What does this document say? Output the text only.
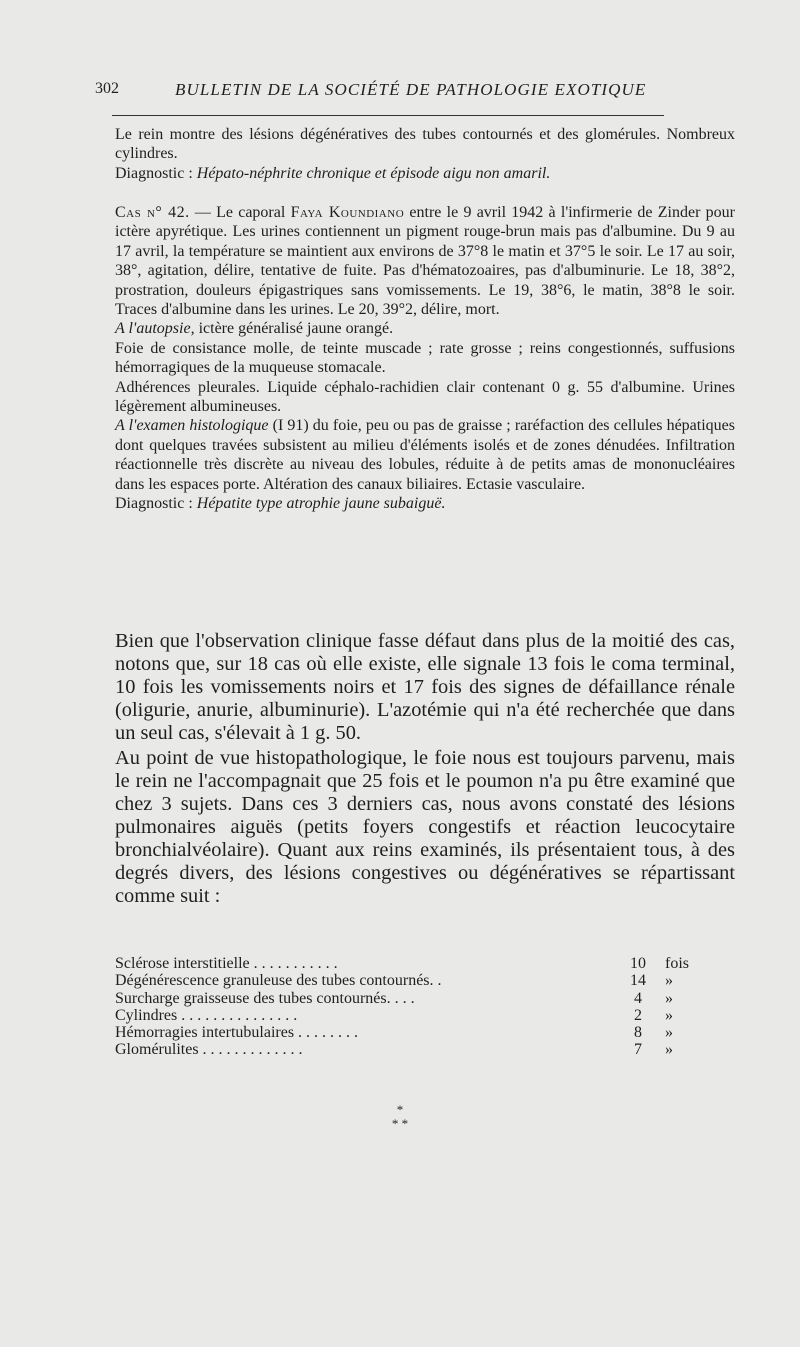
302	BULLETIN DE LA SOCIÉTÉ DE PATHOLOGIE EXOTIQUE

Le rein montre des lésions dégénératives des tubes contournés et des glomérules. Nombreux cylindres.

Diagnostic : Hépato-néphrite chronique et épisode aigu non amaril.

Cas n° 42. — Le caporal Faya Koundiano entre le 9 avril 1942 à l'infirmerie de Zinder pour ictère apyrétique. Les urines contiennent un pigment rouge-brun mais pas d'albumine. Du 9 au 17 avril, la température se maintient aux environs de 37°8 le matin et 37°5 le soir. Le 17 au soir, 38°, agitation, délire, tentative de fuite. Pas d'hématozoaires, pas d'albuminurie. Le 18, 38°2, prostration, douleurs épigastriques sans vomissements. Le 19, 38°6, le matin, 38°8 le soir. Traces d'albumine dans les urines. Le 20, 39°2, délire, mort.

A l'autopsie, ictère généralisé jaune orangé.

Foie de consistance molle, de teinte muscade ; rate grosse ; reins congestionnés, suffusions hémorragiques de la muqueuse stomacale.

Adhérences pleurales. Liquide céphalo-rachidien clair contenant 0 g. 55 d'albumine. Urines légèrement albumineuses.

A l'examen histologique (I 91) du foie, peu ou pas de graisse ; raréfaction des cellules hépatiques dont quelques travées subsistent au milieu d'éléments isolés et de zones dénudées. Infiltration réactionnelle très discrète au niveau des lobules, réduite à de petits amas de mononucléaires dans les espaces porte. Altération des canaux biliaires. Ectasie vasculaire.

Diagnostic : Hépatite type atrophie jaune subaiguë.

Bien que l'observation clinique fasse défaut dans plus de la moitié des cas, notons que, sur 18 cas où elle existe, elle signale 13 fois le coma terminal, 10 fois les vomissements noirs et 17 fois des signes de défaillance rénale (oligurie, anurie, albuminurie). L'azotémie qui n'a été recherchée que dans un seul cas, s'élevait à 1 g. 50.

Au point de vue histopathologique, le foie nous est toujours parvenu, mais le rein ne l'accompagnait que 25 fois et le poumon n'a pu être examiné que chez 3 sujets. Dans ces 3 derniers cas, nous avons constaté des lésions pulmonaires aiguës (petits foyers congestifs et réaction leucocytaire bronchialvéolaire). Quant aux reins examinés, ils présentaient tous, à des degrés divers, des lésions congestives ou dégénératives se répartissant comme suit :

Sclérose interstitielle . . . . . . . . . . .	10	fois
Dégénérescence granuleuse des tubes contournés. .	14	»
Surcharge graisseuse des tubes contournés. . . .	4	»
Cylindres . . . . . . . . . . . . . . .	2	»
Hémorragies intertubulaires . . . . . . . .	8	»
Glomérulites . . . . . . . . . . . . .	7	»
*
* *
